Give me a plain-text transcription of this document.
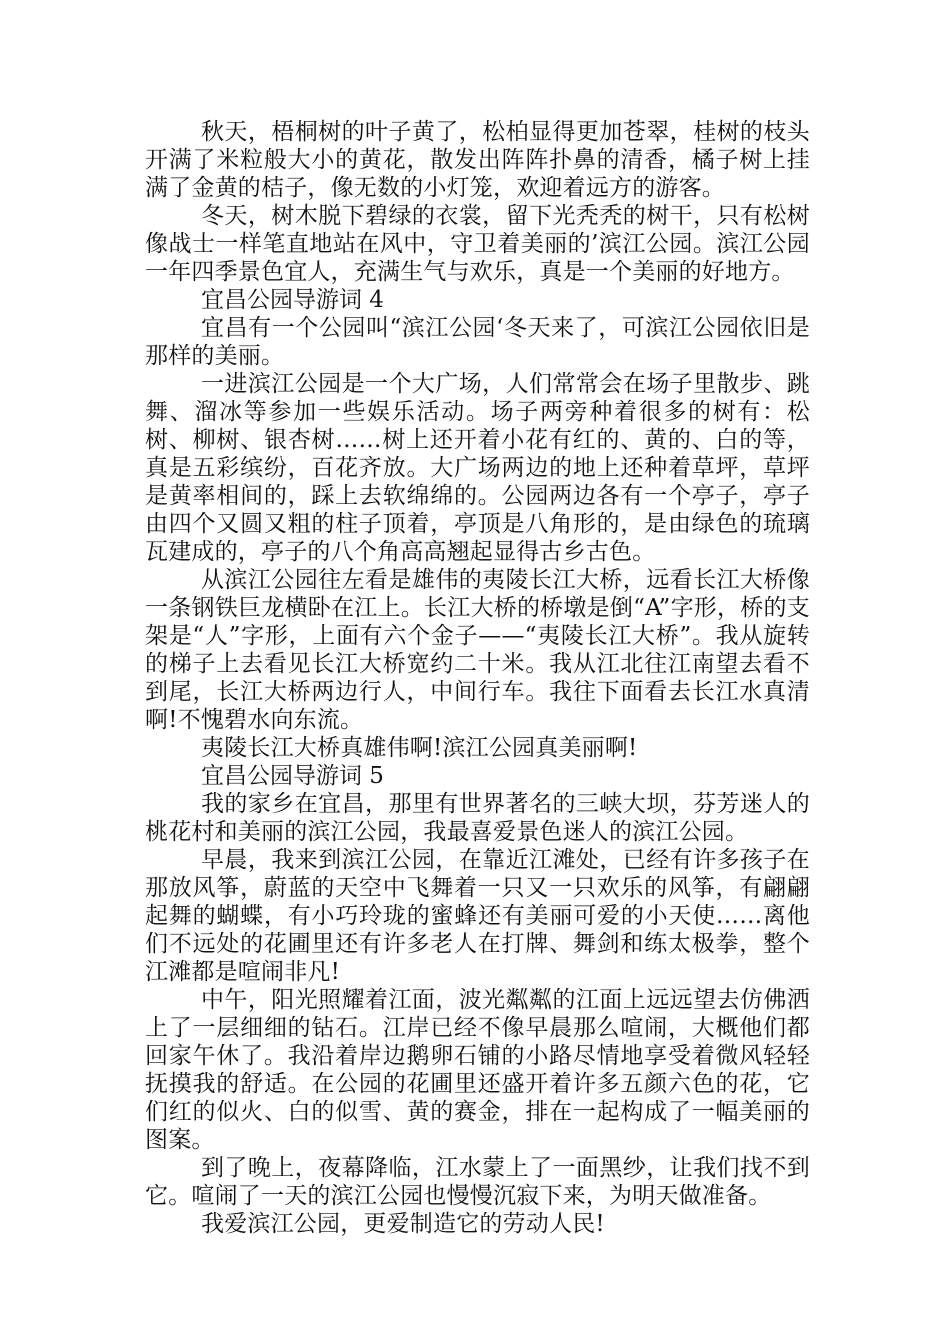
秋天，梧桐树的叶子黄了，松柏显得更加苍翠，桂树的枝头开满了米粒般大小的黄花，散发出阵阵扑鼻的清香，橘子树上挂满了金黄的桔子，像无数的小灯笼，欢迎着远方的游客。

冬天，树木脱下碧绿的衣裳，留下光秃秃的树干，只有松树像战士一样笔直地站在风中，守卫着美丽的’滨江公园。滨江公园一年四季景色宜人，充满生气与欢乐，真是一个美丽的好地方。

宜昌公园导游词 4

宜昌有一个公园叫“滨江公园‘冬天来了，可滨江公园依旧是那样的美丽。

一进滨江公园是一个大广场，人们常常会在场子里散步、跳舞、溜冰等参加一些娱乐活动。场子两旁种着很多的树有：松树、柳树、银杏树……树上还开着小花有红的、黄的、白的等，真是五彩缤纷，百花齐放。大广场两边的地上还种着草坪，草坪是黄率相间的，踩上去软绵绵的。公园两边各有一个亭子，亭子由四个又圆又粗的柱子顶着，亭顶是八角形的，是由绿色的琉璃瓦建成的，亭子的八个角高高翘起显得古乡古色。

从滨江公园往左看是雄伟的夷陵长江大桥，远看长江大桥像一条钢铁巨龙横卧在江上。长江大桥的桥墩是倒“A”字形，桥的支架是“人”字形，上面有六个金子——“夷陵长江大桥”。我从旋转的梯子上去看见长江大桥宽约二十米。我从江北往江南望去看不到尾，长江大桥两边行人，中间行车。我往下面看去长江水真清啊!不愧碧水向东流。

夷陵长江大桥真雄伟啊!滨江公园真美丽啊!

宜昌公园导游词 5

我的家乡在宜昌，那里有世界著名的三峡大坝，芬芳迷人的桃花村和美丽的滨江公园，我最喜爱景色迷人的滨江公园。

早晨，我来到滨江公园，在靠近江滩处，已经有许多孩子在那放风筝，蔚蓝的天空中飞舞着一只又一只欢乐的风筝，有翩翩起舞的蝴蝶，有小巧玲珑的蜜蜂还有美丽可爱的小天使……离他们不远处的花圃里还有许多老人在打牌、舞剑和练太极拳，整个江滩都是喧闹非凡!

中午，阳光照耀着江面，波光粼粼的江面上远远望去仿佛洒上了一层细细的钻石。江岸已经不像早晨那么喧闹，大概他们都回家午休了。我沿着岸边鹅卵石铺的小路尽情地享受着微风轻轻抚摸我的舒适。在公园的花圃里还盛开着许多五颜六色的花，它们红的似火、白的似雪、黄的赛金，排在一起构成了一幅美丽的图案。

到了晚上，夜幕降临，江水蒙上了一面黑纱，让我们找不到它。喧闹了一天的滨江公园也慢慢沉寂下来，为明天做准备。

我爱滨江公园，更爱制造它的劳动人民!
